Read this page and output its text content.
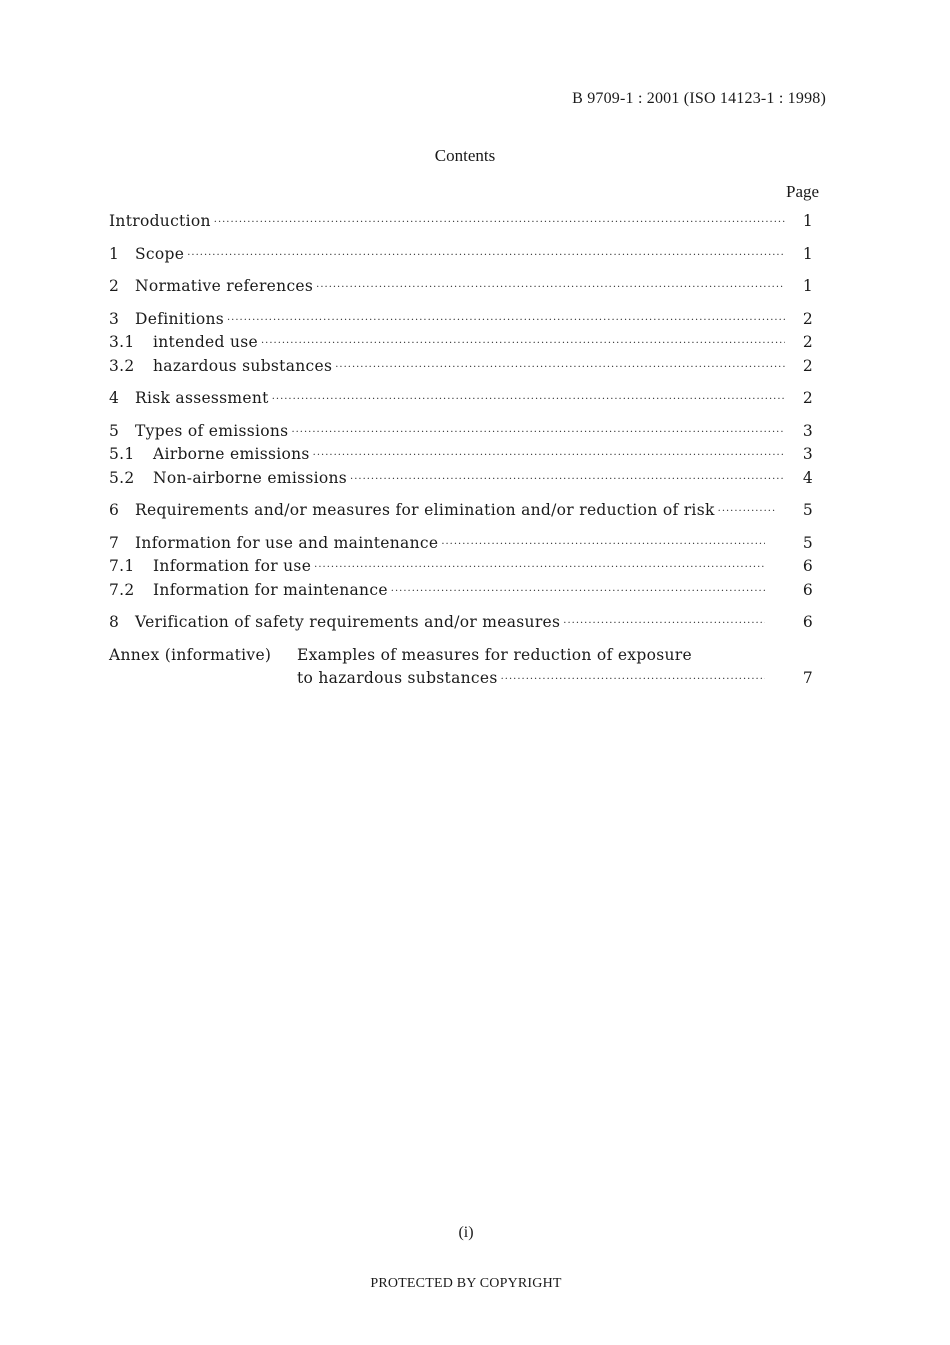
B 9709-1 : 2001 (ISO 14123-1 : 1998)
Contents
Page
Introduction ·····	1
1	Scope ·····	1
2	Normative references ·····	1
3	Definitions ·····	2
3.1	intended use ·····	2
3.2	hazardous substances ·····	2
4	Risk assessment ·····	2
5	Types of emissions ·····	3
5.1	Airborne emissions ·····	3
5.2	Non-airborne emissions ·····	4
6	Requirements and/or measures for elimination and/or reduction of risk ·····	5
7	Information for use and maintenance ·····	5
7.1	Information for use ·····	6
7.2	Information for maintenance ·····	6
8	Verification of safety requirements and/or measures ·····	6
Annex (informative) Examples of measures for reduction of exposure
to hazardous substances ·····	7
(i)
PROTECTED BY COPYRIGHT
